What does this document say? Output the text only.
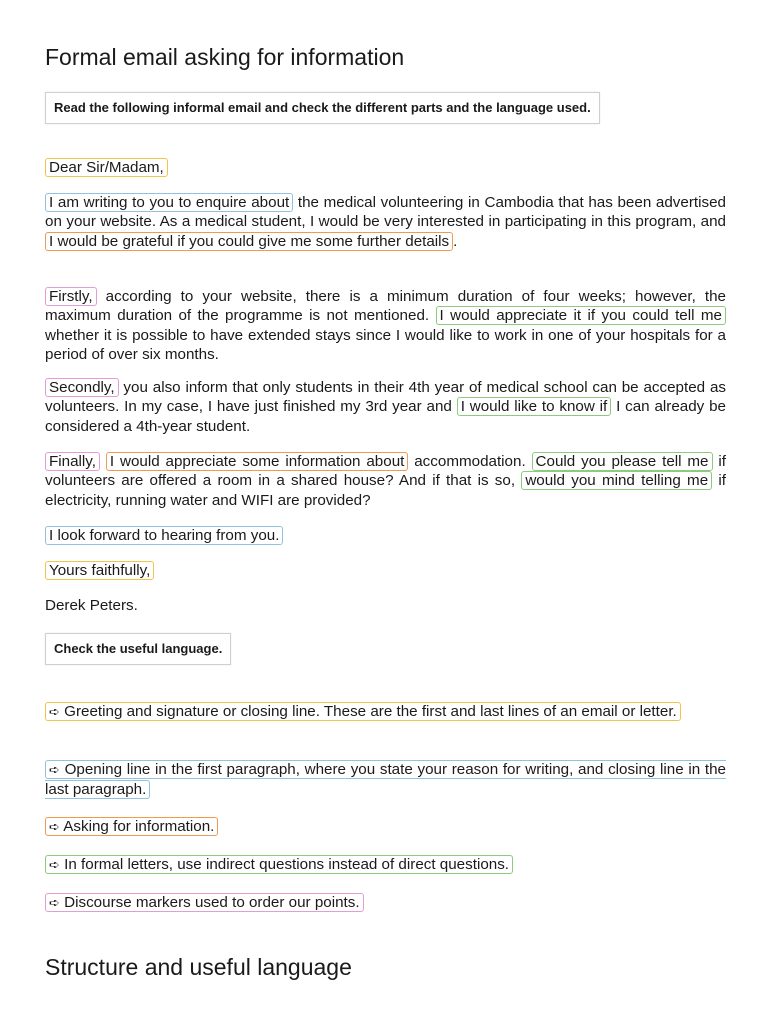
Formal email asking for information
Read the following informal email and check the different parts and the language used.
Dear Sir/Madam,
I am writing to you to enquire about the medical volunteering in Cambodia that has been advertised on your website. As a medical student, I would be very interested in participating in this program, and I would be grateful if you could give me some further details .
Firstly, according to your website, there is a minimum duration of four weeks; however, the maximum duration of the programme is not mentioned. I would appreciate it if you could tell me whether it is possible to have extended stays since I would like to work in one of your hospitals for a period of over six months.
Secondly, you also inform that only students in their 4th year of medical school can be accepted as volunteers. In my case, I have just finished my 3rd year and I would like to know if I can already be considered a 4th-year student.
Finally, I would appreciate some information about accommodation. Could you please tell me if volunteers are offered a room in a shared house? And if that is so, would you mind telling me if electricity, running water and WIFI are provided?
I look forward to hearing from you.
Yours faithfully,
Derek Peters.
Check the useful language.
➪ Greeting and signature or closing line. These are the first and last lines of an email or letter.
➪ Opening line in the first paragraph, where you state your reason for writing, and closing line in the last paragraph.
➪ Asking for information.
➪ In formal letters, use indirect questions instead of direct questions.
➪ Discourse markers used to order our points.
Structure and useful language
